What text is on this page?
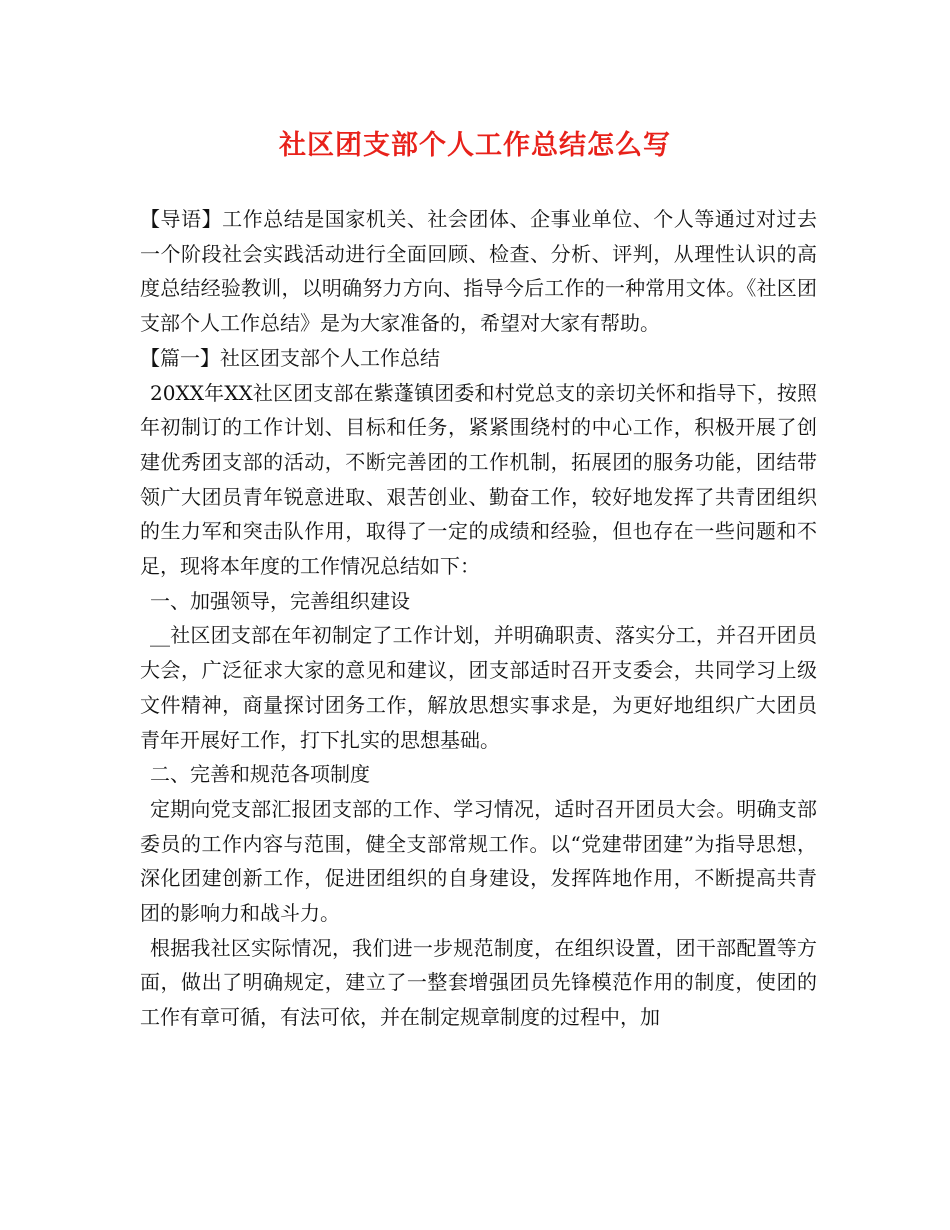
社区团支部个人工作总结怎么写

【导语】工作总结是国家机关、社会团体、企事业单位、个人等通过对过去一个阶段社会实践活动进行全面回顾、检查、分析、评判，从理性认识的高度总结经验教训，以明确努力方向、指导今后工作的一种常用文体。《社区团支部个人工作总结》是为大家准备的，希望对大家有帮助。

【篇一】社区团支部个人工作总结

20XX年XX社区团支部在紫蓬镇团委和村党总支的亲切关怀和指导下，按照年初制订的工作计划、目标和任务，紧紧围绕村的中心工作，积极开展了创建优秀团支部的活动，不断完善团的工作机制，拓展团的服务功能，团结带领广大团员青年锐意进取、艰苦创业、勤奋工作，较好地发挥了共青团组织的生力军和突击队作用，取得了一定的成绩和经验，但也存在一些问题和不足，现将本年度的工作情况总结如下：

一、加强领导，完善组织建设

__社区团支部在年初制定了工作计划，并明确职责、落实分工，并召开团员大会，广泛征求大家的意见和建议，团支部适时召开支委会，共同学习上级文件精神，商量探讨团务工作，解放思想实事求是，为更好地组织广大团员青年开展好工作，打下扎实的思想基础。

二、完善和规范各项制度

定期向党支部汇报团支部的工作、学习情况，适时召开团员大会。明确支部委员的工作内容与范围，健全支部常规工作。以“党建带团建”为指导思想，深化团建创新工作，促进团组织的自身建设，发挥阵地作用，不断提高共青团的影响力和战斗力。

根据我社区实际情况，我们进一步规范制度，在组织设置，团干部配置等方面，做出了明确规定，建立了一整套增强团员先锋模范作用的制度，使团的工作有章可循，有法可依，并在制定规章制度的过程中，加
